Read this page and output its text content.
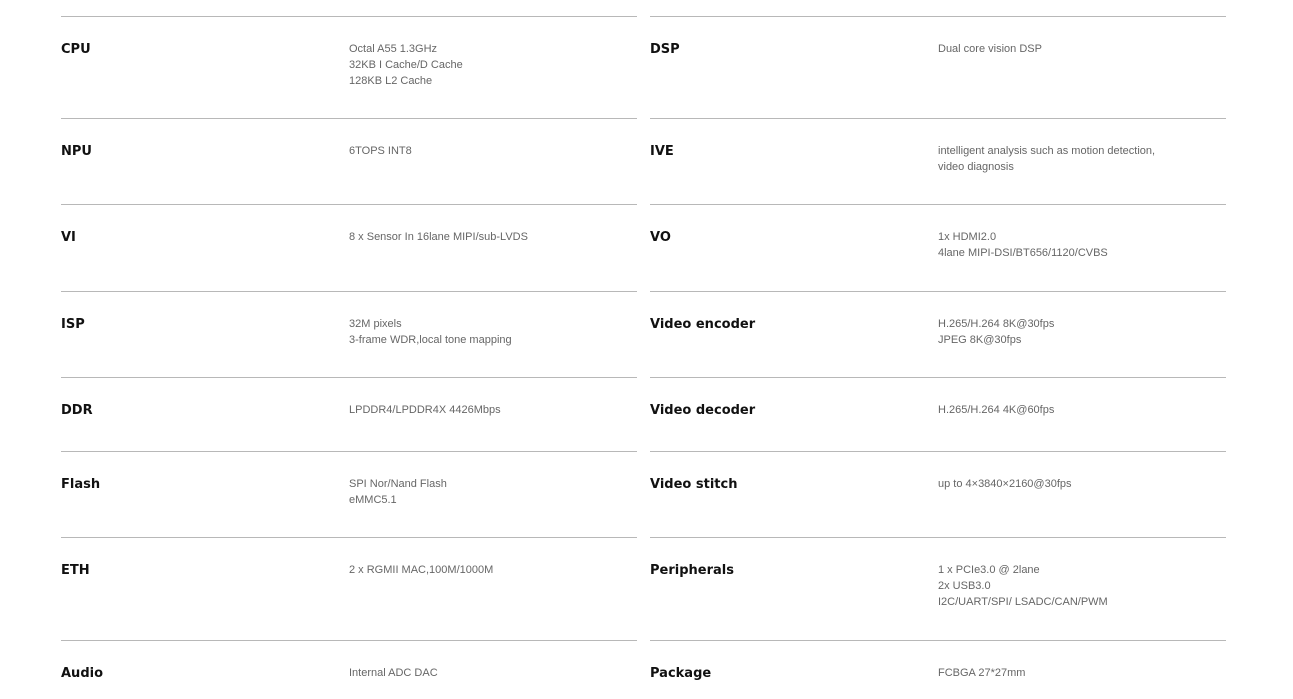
CPU	Octal A55 1.3GHz
32KB I Cache/D Cache
128KB L2 Cache
NPU	6TOPS INT8
VI	8 x Sensor In 16lane MIPI/sub-LVDS
ISP	32M pixels
3-frame WDR,local tone mapping
DDR	LPDDR4/LPDDR4X 4426Mbps
Flash	SPI Nor/Nand Flash
eMMC5.1
ETH	2 x RGMII MAC,100M/1000M
Audio	Internal ADC DAC
DSP	Dual core vision DSP
IVE	intelligent analysis such as motion detection,
video diagnosis
VO	1x HDMI2.0
4lane MIPI-DSI/BT656/1120/CVBS
Video encoder	H.265/H.264 8K@30fps
JPEG 8K@30fps
Video decoder	H.265/H.264 4K@60fps
Video stitch	up to 4×3840×2160@30fps
Peripherals	1 x PCIe3.0 @ 2lane
2x USB3.0
I2C/UART/SPI/ LSADC/CAN/PWM
Package	FCBGA 27*27mm
